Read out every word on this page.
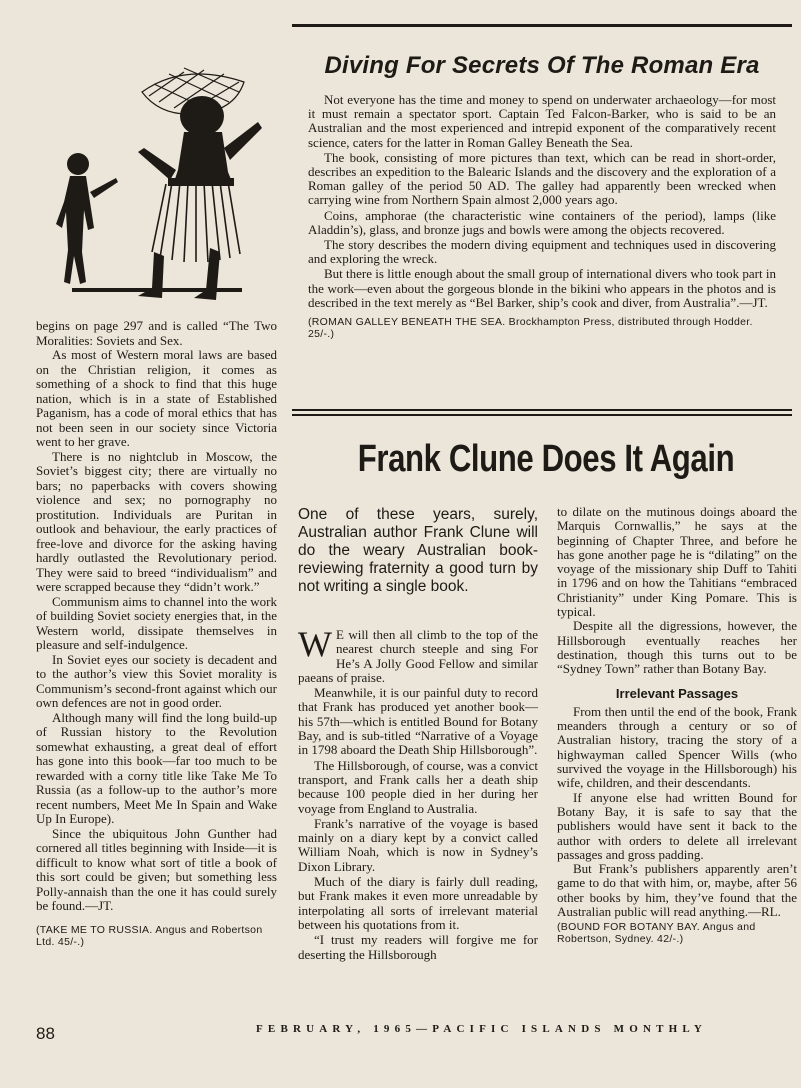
begins on page 297 and is called “The Two Moralities: Soviets and Sex.

As most of Western moral laws are based on the Christian religion, it comes as something of a shock to find that this huge nation, which is in a state of Established Paganism, has a code of moral ethics that has not been seen in our society since Victoria went to her grave.

There is no nightclub in Moscow, the Soviet’s biggest city; there are virtually no bars; no paperbacks with covers showing violence and sex; no pornography no prostitution. Individuals are Puritan in outlook and behaviour, the early practices of free-love and divorce for the asking having hardly outlasted the Revolutionary period. They were said to breed “individualism” and were scrapped because they “didn’t work.”

Communism aims to channel into the work of building Soviet society energies that, in the Western world, dissipate themselves in pleasure and self-indulgence.

In Soviet eyes our society is decadent and to the author’s view this Soviet morality is Communism’s second-front against which our own defences are not in good order.

Although many will find the long build-up of Russian history to the Revolution somewhat exhausting, a great deal of effort has gone into this book—far too much to be rewarded with a corny title like Take Me To Russia (as a follow-up to the author’s more recent numbers, Meet Me In Spain and Wake Up In Europe).

Since the ubiquitous John Gunther had cornered all titles beginning with Inside—it is difficult to know what sort of title a book of this sort could be given; but something less Polly-annaish than the one it has could surely be found.—JT.

(TAKE ME TO RUSSIA. Angus and Robertson Ltd. 45/-.)

Diving For Secrets Of The Roman Era

Not everyone has the time and money to spend on underwater archaeology—for most it must remain a spectator sport. Captain Ted Falcon-Barker, who is said to be an Australian and the most experienced and intrepid exponent of the comparatively recent science, caters for the latter in Roman Galley Beneath the Sea.

The book, consisting of more pictures than text, which can be read in short-order, describes an expedition to the Balearic Islands and the discovery and the exploration of a Roman galley of the period 50 AD. The galley had apparently been wrecked when carrying wine from Northern Spain almost 2,000 years ago.

Coins, amphorae (the characteristic wine containers of the period), lamps (like Aladdin’s), glass, and bronze jugs and bowls were among the objects recovered.

The story describes the modern diving equipment and techniques used in discovering and exploring the wreck.

But there is little enough about the small group of international divers who took part in the work—even about the gorgeous blonde in the bikini who appears in the photos and is described in the text merely as “Bel Barker, ship’s cook and diver, from Australia”.—JT.

(ROMAN GALLEY BENEATH THE SEA. Brockhampton Press, distributed through Hodder. 25/-.)

Frank Clune Does It Again
One of these years, surely, Australian author Frank Clune will do the weary Australian book-reviewing fraternity a good turn by not writing a single book.

W E will then all climb to the top of the nearest church steeple and sing For He’s A Jolly Good Fellow and similar paeans of praise.

Meanwhile, it is our painful duty to record that Frank has produced yet another book—his 57th—which is entitled Bound for Botany Bay, and is sub-titled “Narrative of a Voyage in 1798 aboard the Death Ship Hillsborough”.

The Hillsborough, of course, was a convict transport, and Frank calls her a death ship because 100 people died in her during her voyage from England to Australia.

Frank’s narrative of the voyage is based mainly on a diary kept by a convict called William Noah, which is now in Sydney’s Dixon Library.

Much of the diary is fairly dull reading, but Frank makes it even more unreadable by interpolating all sorts of irrelevant material between his quotations from it.

“I trust my readers will forgive me for deserting the Hillsborough

to dilate on the mutinous doings aboard the Marquis Cornwallis,” he says at the beginning of Chapter Three, and before he has gone another page he is “dilating” on the voyage of the missionary ship Duff to Tahiti in 1796 and on how the Tahitians “embraced Christianity” under King Pomare. This is typical.

Despite all the digressions, however, the Hillsborough eventually reaches her destination, though this turns out to be “Sydney Town” rather than Botany Bay.

Irrelevant Passages

From then until the end of the book, Frank meanders through a century or so of Australian history, tracing the story of a highwayman called Spencer Wills (who survived the voyage in the Hillsborough) his wife, children, and their descendants.

If anyone else had written Bound for Botany Bay, it is safe to say that the publishers would have sent it back to the author with orders to delete all irrelevant passages and gross padding.

But Frank’s publishers apparently aren’t game to do that with him, or, maybe, after 56 other books by him, they’ve found that the Australian public will read anything.—RL.

(BOUND FOR BOTANY BAY. Angus and Robertson, Sydney. 42/-.)

88	FEBRUARY, 1965—PACIFIC ISLANDS MONTHLY
